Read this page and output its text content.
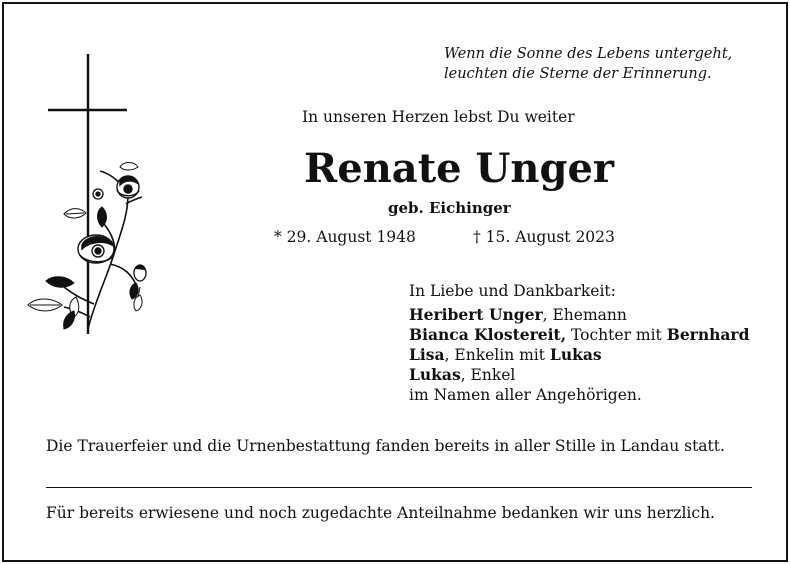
Wenn die Sonne des Lebens untergeht,
leuchten die Sterne der Erinnerung.
In unseren Herzen lebst Du weiter
Renate Unger
geb. Eichinger
* 29. August 1948	† 15. August 2023
In Liebe und Dankbarkeit:
Heribert Unger, Ehemann
Bianca Klostereit, Tochter mit Bernhard
Lisa, Enkelin mit Lukas
Lukas, Enkel
im Namen aller Angehörigen.
Die Trauerfeier und die Urnenbestattung fanden bereits in aller Stille in Landau statt.
Für bereits erwiesene und noch zugedachte Anteilnahme bedanken wir uns herzlich.
